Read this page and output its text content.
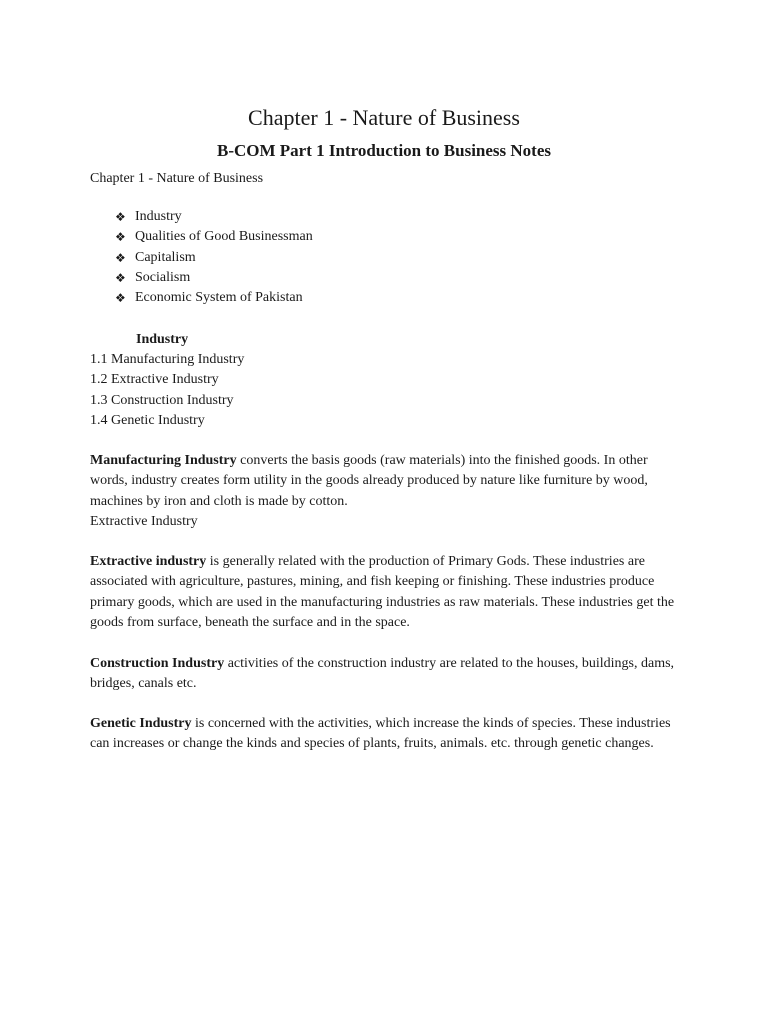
Chapter 1 - Nature of Business
B-COM Part 1 Introduction to Business Notes

Chapter 1 - Nature of Business

❖ Industry
❖ Qualities of Good Businessman
❖ Capitalism
❖ Socialism
❖ Economic System of Pakistan

Industry

1.1 Manufacturing Industry
1.2 Extractive Industry
1.3 Construction Industry
1.4 Genetic Industry

Manufacturing Industry converts the basis goods (raw materials) into the finished goods. In other words, industry creates form utility in the goods already produced by nature like furniture by wood, machines by iron and cloth is made by cotton.

Extractive Industry

Extractive industry is generally related with the production of Primary Gods. These industries are associated with agriculture, pastures, mining, and fish keeping or finishing. These industries produce primary goods, which are used in the manufacturing industries as raw materials. These industries get the goods from surface, beneath the surface and in the space.

Construction Industry activities of the construction industry are related to the houses, buildings, dams, bridges, canals etc.

Genetic Industry is concerned with the activities, which increase the kinds of species. These industries can increases or change the kinds and species of plants, fruits, animals. etc. through genetic changes.
